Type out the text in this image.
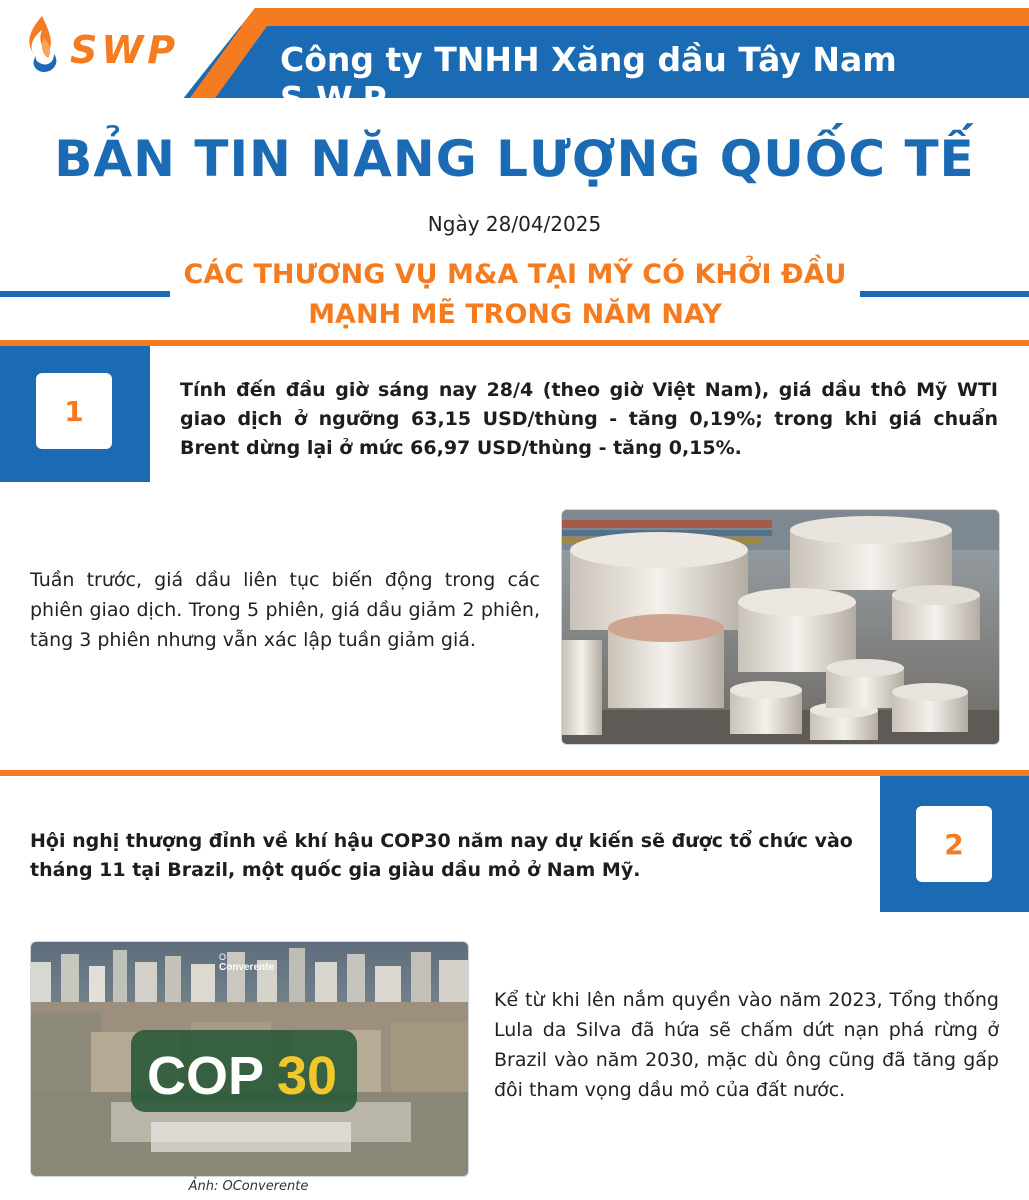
SWP	Công ty TNHH Xăng dầu Tây Nam S.W.P
BẢN TIN NĂNG LƯỢNG QUỐC TẾ
Ngày 28/04/2025
CÁC THƯƠNG VỤ M&A TẠI MỸ CÓ KHỞI ĐẦU
MẠNH MẼ TRONG NĂM NAY
1
Tính đến đầu giờ sáng nay 28/4 (theo giờ Việt Nam), giá dầu thô Mỹ WTI giao dịch ở ngưỡng 63,15 USD/thùng - tăng 0,19%; trong khi giá chuẩn Brent dừng lại ở mức 66,97 USD/thùng - tăng 0,15%.
Tuần trước, giá dầu liên tục biến động trong các phiên giao dịch. Trong 5 phiên, giá dầu giảm 2 phiên, tăng 3 phiên nhưng vẫn xác lập tuần giảm giá.
2
Hội nghị thượng đỉnh về khí hậu COP30 năm nay dự kiến sẽ được tổ chức vào tháng 11 tại Brazil, một quốc gia giàu dầu mỏ ở Nam Mỹ.
COP 30
O
Converente
Ảnh: OConverente
Kể từ khi lên nắm quyền vào năm 2023, Tổng thống Lula da Silva đã hứa sẽ chấm dứt nạn phá rừng ở Brazil vào năm 2030, mặc dù ông cũng đã tăng gấp đôi tham vọng dầu mỏ của đất nước.
